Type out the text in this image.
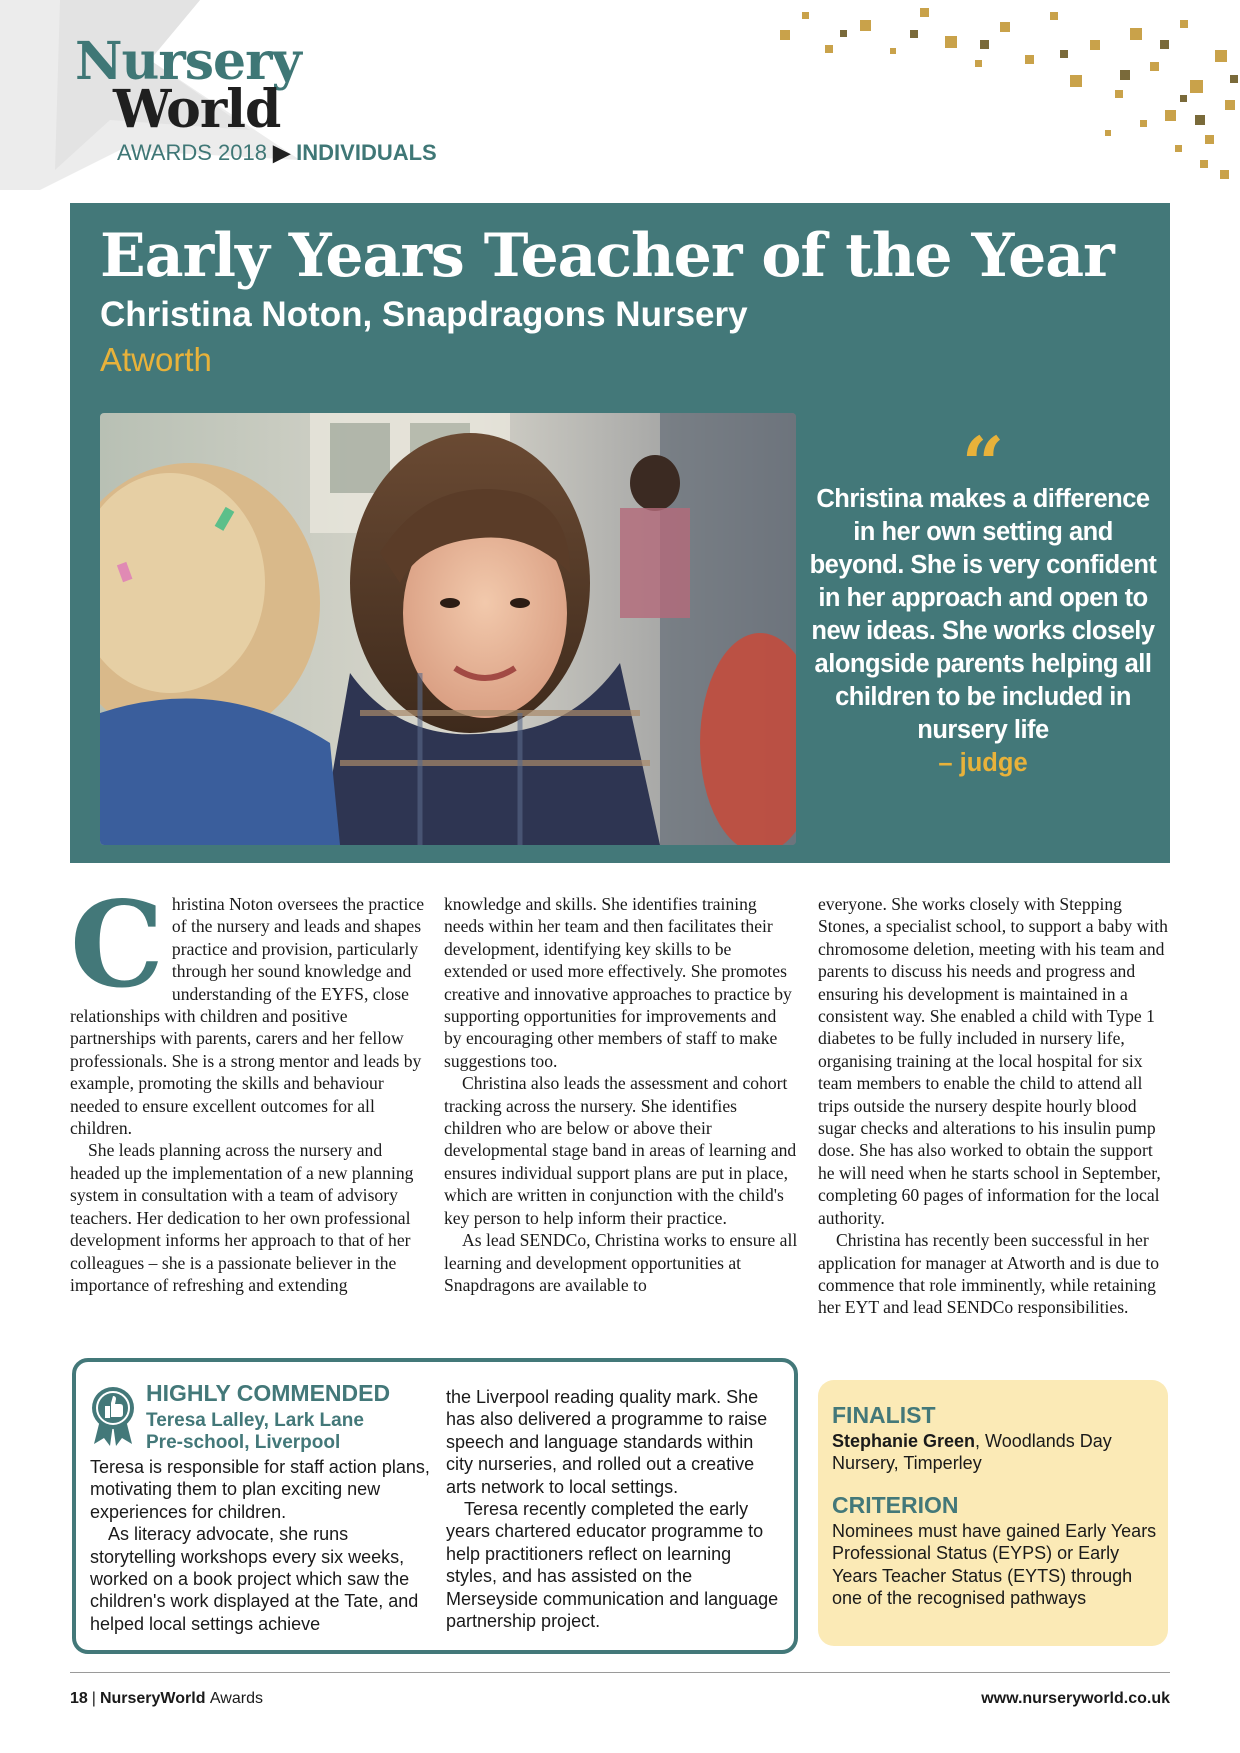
Nursery
World
AWARDS 2018 ▶ INDIVIDUALS
Early Years Teacher of the Year
Christina Noton, Snapdragons Nursery
Atworth
“
Christina makes a difference in her own setting and beyond. She is very confident in her approach and open to new ideas. She works closely alongside parents helping all children to be included in nursery life
– judge
C hristina Noton oversees the practice of the nursery and leads and shapes practice and provision, particularly through her sound knowledge and understanding of the EYFS, close relationships with children and positive partnerships with parents, carers and her fellow professionals. She is a strong mentor and leads by example, promoting the skills and behaviour needed to ensure excellent outcomes for all children.

She leads planning across the nursery and headed up the implementation of a new planning system in consultation with a team of advisory teachers. Her dedication to her own professional development informs her approach to that of her colleagues – she is a passionate believer in the importance of refreshing and extending

knowledge and skills. She identifies training needs within her team and then facilitates their development, identifying key skills to be extended or used more effectively. She promotes creative and innovative approaches to practice by supporting opportunities for improvements and by encouraging other members of staff to make suggestions too.

Christina also leads the assessment and cohort tracking across the nursery. She identifies children who are below or above their developmental stage band in areas of learning and ensures individual support plans are put in place, which are written in conjunction with the child's key person to help inform their practice.

As lead SENDCo, Christina works to ensure all learning and development opportunities at Snapdragons are available to

everyone. She works closely with Stepping Stones, a specialist school, to support a baby with chromosome deletion, meeting with his team and parents to discuss his needs and progress and ensuring his development is maintained in a consistent way. She enabled a child with Type 1 diabetes to be fully included in nursery life, organising training at the local hospital for six team members to enable the child to attend all trips outside the nursery despite hourly blood sugar checks and alterations to his insulin pump dose. She has also worked to obtain the support he will need when he starts school in September, completing 60 pages of information for the local authority.

Christina has recently been successful in her application for manager at Atworth and is due to commence that role imminently, while retaining her EYT and lead SENDCo responsibilities.

HIGHLY COMMENDED
Teresa Lalley, Lark Lane
Pre-school, Liverpool

Teresa is responsible for staff action plans, motivating them to plan exciting new experiences for children.

As literacy advocate, she runs storytelling workshops every six weeks, worked on a book project which saw the children's work displayed at the Tate, and helped local settings achieve

the Liverpool reading quality mark. She has also delivered a programme to raise speech and language standards within city nurseries, and rolled out a creative arts network to local settings.

Teresa recently completed the early years chartered educator programme to help practitioners reflect on learning styles, and has assisted on the Merseyside communication and language partnership project.

FINALIST
Stephanie Green, Woodlands Day Nursery, Timperley
CRITERION
Nominees must have gained Early Years Professional Status (EYPS) or Early Years Teacher Status (EYTS) through one of the recognised pathways
18 | NurseryWorld Awards	www.nurseryworld.co.uk
